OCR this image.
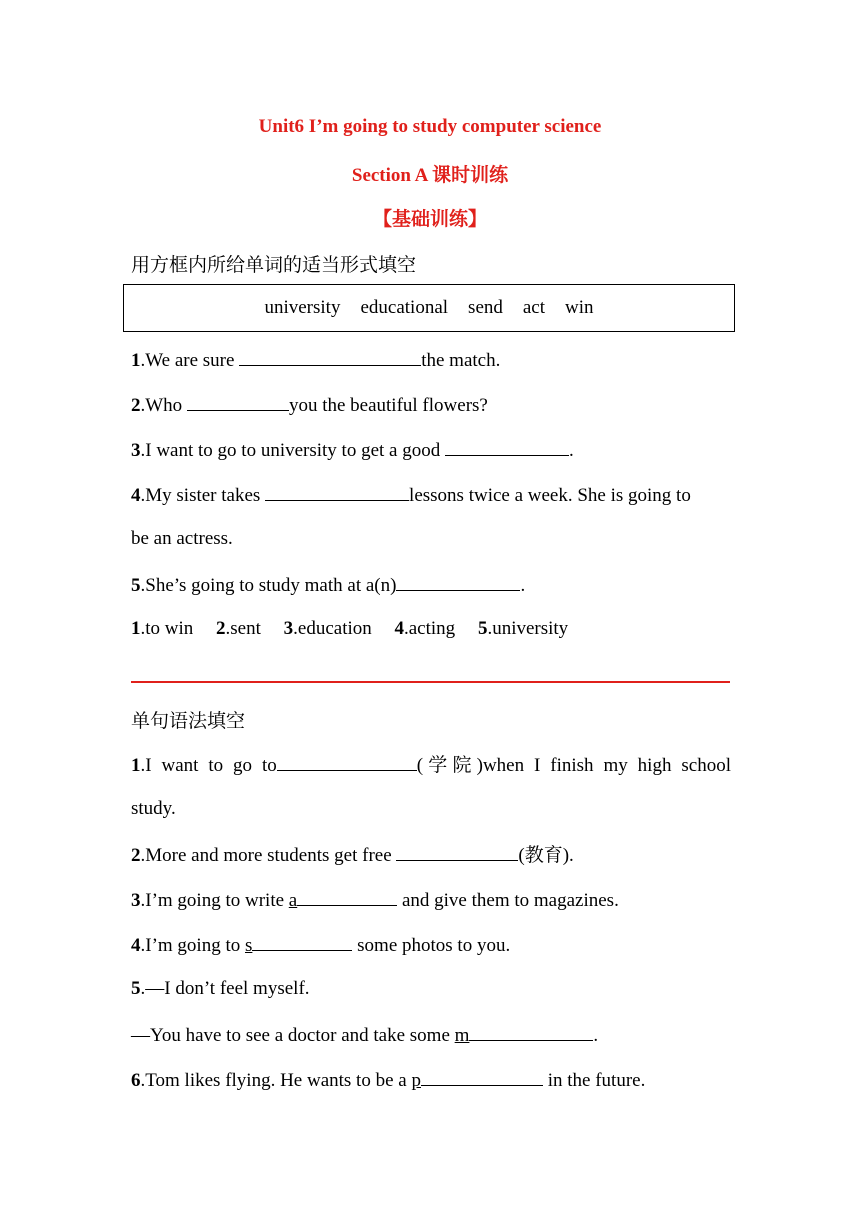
Unit6 I’m going to study computer science
Section A 课时训练
【基础训练】
用方框内所给单词的适当形式填空
university educational send act win
1.We are sure	the match.
2.Who	you the beautiful flowers?
3.I want to go to university to get a good	.
4.My sister takes	lessons twice a week. She is going to
be an actress.
5.She’s going to study math at a(n)	.
1.to win 2.sent 3.education 4.acting 5.university
单句语法填空
1.I want to go to	(学院)when I finish my high school
study.
2.More and more students get free	(教育).
3.I’m going to write a	and give them to magazines.
4.I’m going to s	some photos to you.
5.—I don’t feel myself.
—You have to see a doctor and take some m	.
6.Tom likes flying. He wants to be a p	in the future.
